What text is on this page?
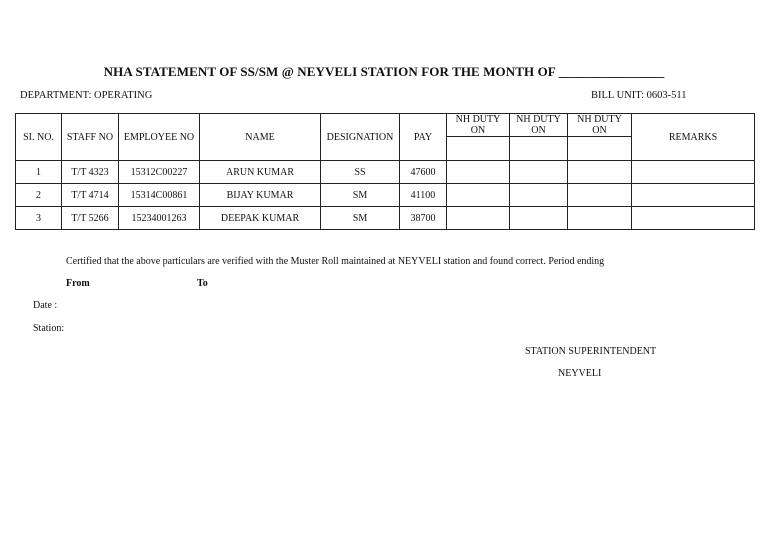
NHA STATEMENT OF SS/SM @ NEYVELI STATION FOR THE MONTH OF ________________
DEPARTMENT: OPERATING	BILL UNIT: 0603-511
SI. NO.	STAFF NO	EMPLOYEE NO	NAME	DESIGNATION	PAY	NH DUTY ON	NH DUTY ON	NH DUTY ON	REMARKS

1	T/T 4323	15312C00227	ARUN KUMAR	SS	47600				
2	T/T 4714	15314C00861	BIJAY KUMAR	SM	41100				
3	T/T 5266	15234001263	DEEPAK KUMAR	SM	38700				
Certified that the above particulars are verified with the Muster Roll maintained at NEYVELI station and found correct. Period ending
From	To
Date :
Station:
STATION SUPERINTENDENT
NEYVELI
